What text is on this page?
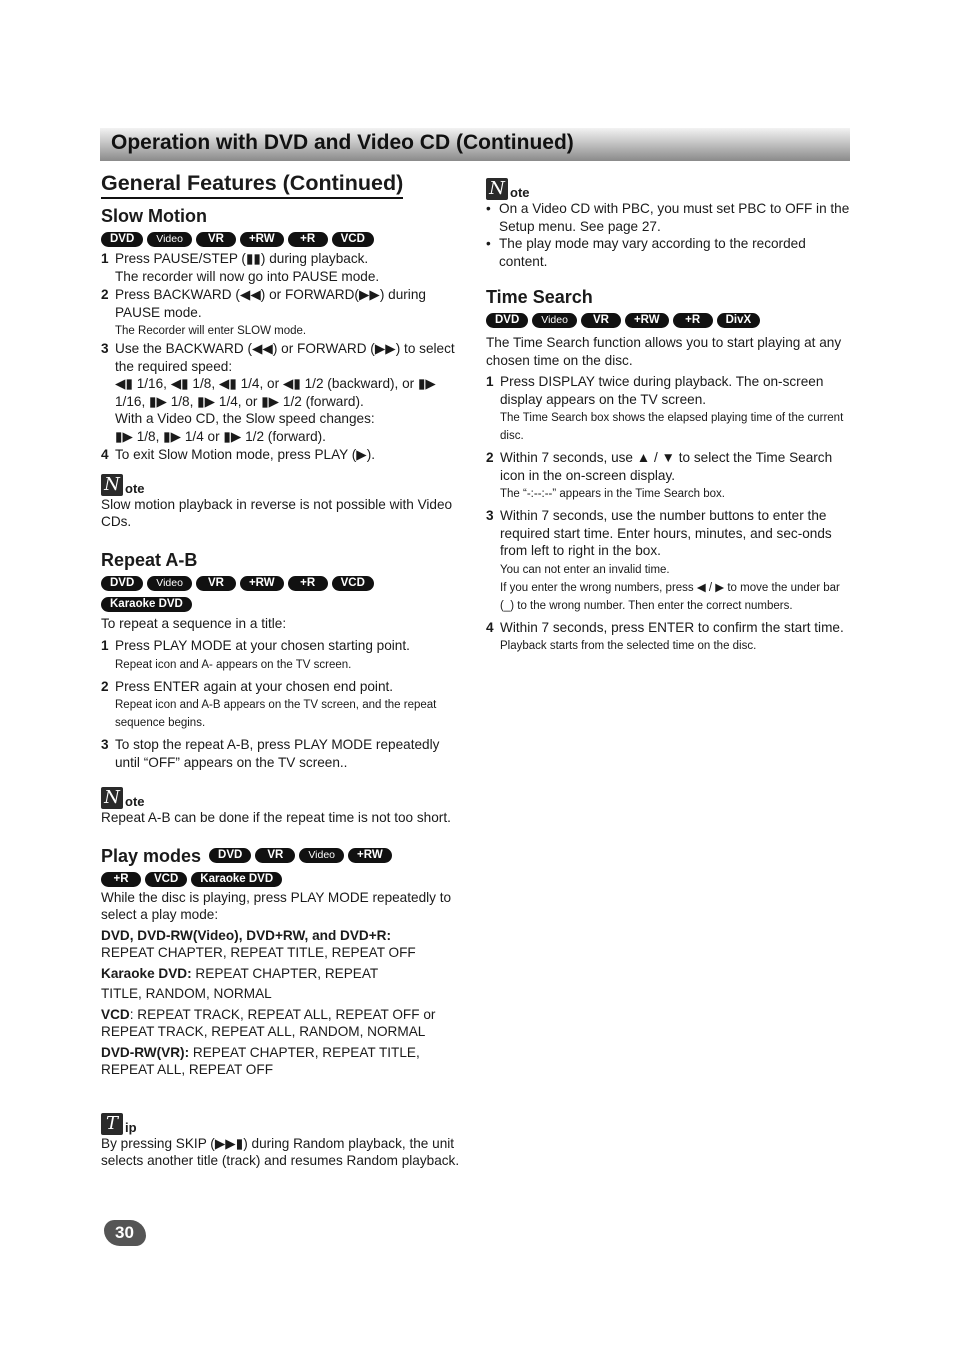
Operation with DVD and Video CD (Continued)
General Features (Continued)
Slow Motion
DVD Video VR +RW +R VCD
1 Press PAUSE/STEP (▮▮) during playback.
The recorder will now go into PAUSE mode.
2 Press BACKWARD (◀◀) or FORWARD(▶▶) during PAUSE mode.
The Recorder will enter SLOW mode.
3 Use the BACKWARD (◀◀) or FORWARD (▶▶) to select the required speed:
◀▮ 1/16, ◀▮ 1/8, ◀▮ 1/4, or ◀▮ 1/2 (backward), or ▮▶ 1/16, ▮▶ 1/8, ▮▶ 1/4, or ▮▶ 1/2 (forward).
With a Video CD, the Slow speed changes:
▮▶ 1/8, ▮▶ 1/4 or ▮▶ 1/2 (forward).
4 To exit Slow Motion mode, press PLAY (▶).
N ote

Slow motion playback in reverse is not possible with Video CDs.

Repeat A-B
DVD Video VR +RW +R VCD
Karaoke DVD

To repeat a sequence in a title:

1 Press PLAY MODE at your chosen starting point.
Repeat icon and A- appears on the TV screen.
2 Press ENTER again at your chosen end point.
Repeat icon and A-B appears on the TV screen, and the repeat sequence begins.
3 To stop the repeat A-B, press PLAY MODE repeatedly until “OFF” appears on the TV screen..
N ote

Repeat A-B can be done if the repeat time is not too short.

Play modes	DVD	VR	Video	+RW
+R VCD Karaoke DVD

While the disc is playing, press PLAY MODE repeatedly to select a play mode:

DVD, DVD-RW(Video), DVD+RW, and DVD+R:
REPEAT CHAPTER, REPEAT TITLE, REPEAT OFF

Karaoke DVD: REPEAT CHAPTER, REPEAT

TITLE, RANDOM, NORMAL

VCD: REPEAT TRACK, REPEAT ALL, REPEAT OFF or REPEAT TRACK, REPEAT ALL, RANDOM, NORMAL

DVD-RW(VR): REPEAT CHAPTER, REPEAT TITLE, REPEAT ALL, REPEAT OFF

T ip

By pressing SKIP (▶▶▮) during Random playback, the unit selects another title (track) and resumes Random playback.

N ote
• On a Video CD with PBC, you must set PBC to OFF in the Setup menu. See page 27.
• The play mode may vary according to the recorded content.
Time Search
DVD Video VR +RW +R DivX

The Time Search function allows you to start playing at any chosen time on the disc.

1 Press DISPLAY twice during playback. The on-screen display appears on the TV screen.
The Time Search box shows the elapsed playing time of the current disc.
2 Within 7 seconds, use ▲ / ▼ to select the Time Search icon in the on-screen display.
The “-:--:--” appears in the Time Search box.
3 Within 7 seconds, use the number buttons to enter the required start time. Enter hours, minutes, and sec-onds from left to right in the box.
You can not enter an invalid time.
If you enter the wrong numbers, press ◀ / ▶ to move the under bar (_) to the wrong number. Then enter the correct numbers.
4 Within 7 seconds, press ENTER to confirm the start time.
Playback starts from the selected time on the disc.
30
